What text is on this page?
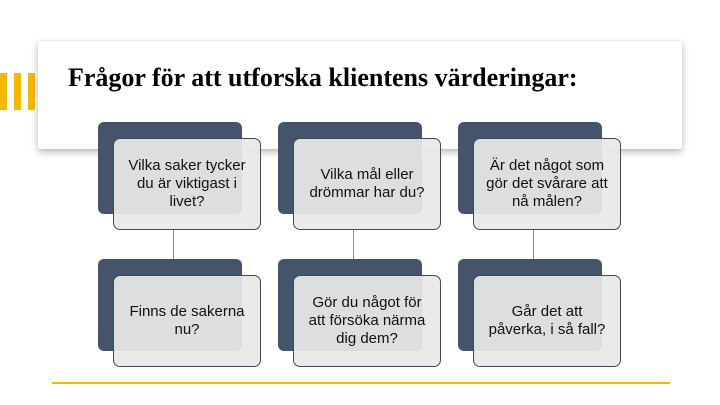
Frågor för att utforska klientens värderingar:
Vilka saker tycker du är viktigast i livet?
Finns de sakerna nu?
Vilka mål eller drömmar har du?
Gör du något för att försöka närma dig dem?
Är det något som gör det svårare att nå målen?
Går det att påverka, i så fall?
